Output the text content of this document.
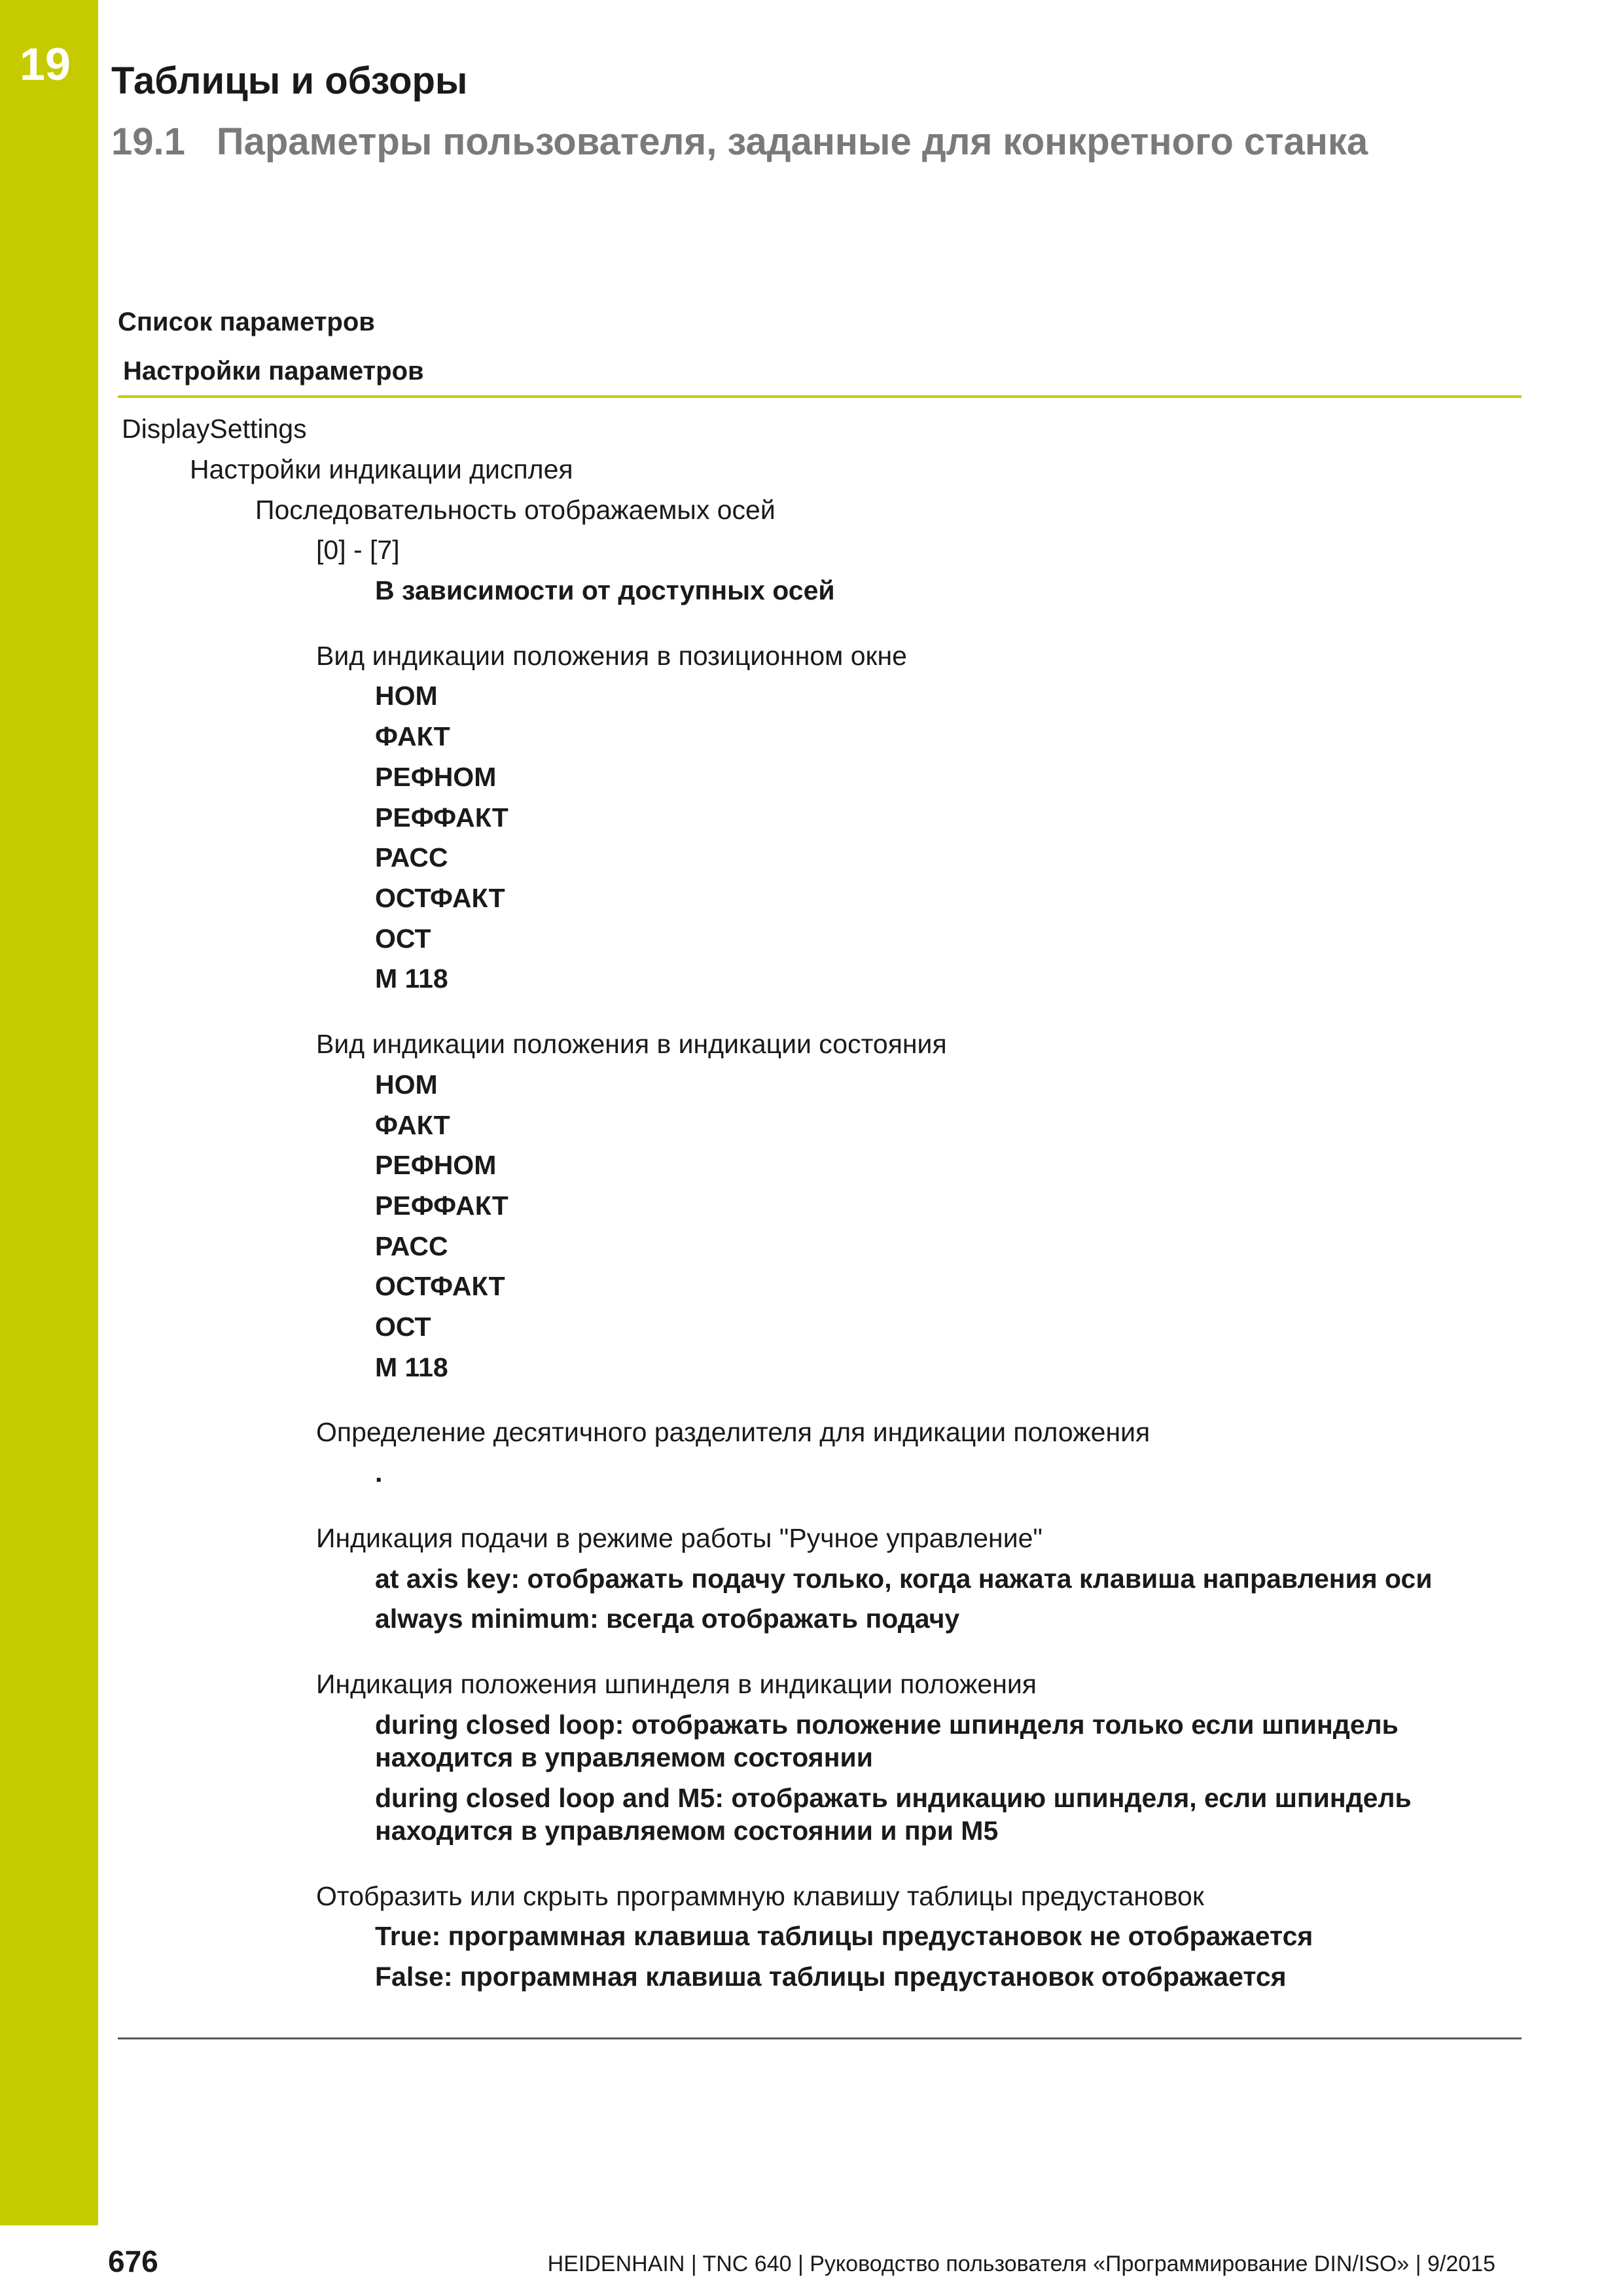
19 Таблицы и обзоры
19.1 Параметры пользователя, заданные для конкретного станка
Список параметров
Настройки параметров
DisplaySettings
Настройки индикации дисплея
Последовательность отображаемых осей
[0] - [7]
В зависимости от доступных осей
Вид индикации положения в позиционном окне
НОМ
ФАКТ
РЕФНОМ
РЕФФАКТ
РАСС
ОСТФАКТ
ОСТ
M 118
Вид индикации положения в индикации состояния
НОМ
ФАКТ
РЕФНОМ
РЕФФАКТ
РАСС
ОСТФАКТ
ОСТ
M 118
Определение десятичного разделителя для индикации положения
.
Индикация подачи в режиме работы "Ручное управление"
at axis key: отображать подачу только, когда нажата клавиша направления оси
always minimum: всегда отображать подачу
Индикация положения шпинделя в индикации положения
during closed loop: отображать положение шпинделя только если шпиндель
находится в управляемом состоянии
during closed loop and M5: отображать индикацию шпинделя, если шпиндель
находится в управляемом состоянии и при M5
Отобразить или скрыть программную клавишу таблицы предустановок
True: программная клавиша таблицы предустановок не отображается
False: программная клавиша таблицы предустановок отображается
676	HEIDENHAIN | TNC 640 | Руководство пользователя «Программирование DIN/ISO» | 9/2015
